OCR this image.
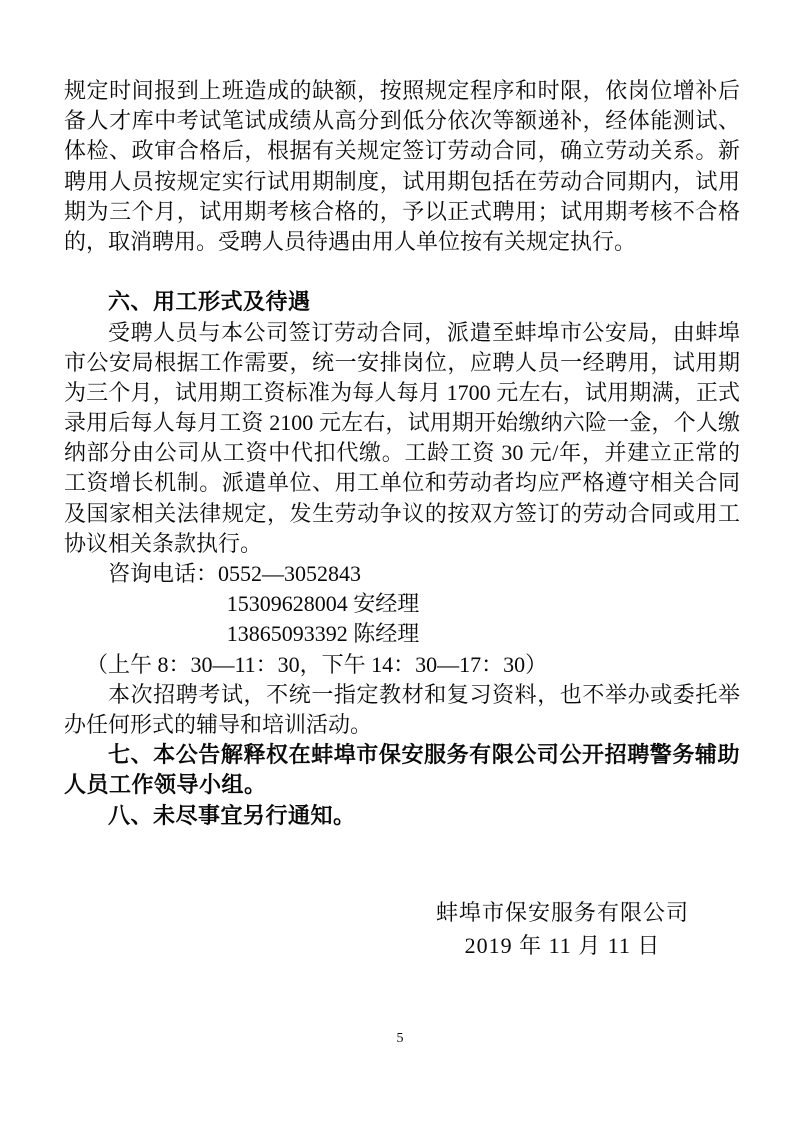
规定时间报到上班造成的缺额，按照规定程序和时限，依岗位增补后
备人才库中考试笔试成绩从高分到低分依次等额递补，经体能测试、
体检、政审合格后，根据有关规定签订劳动合同，确立劳动关系。新
聘用人员按规定实行试用期制度，试用期包括在劳动合同期内，试用
期为三个月，试用期考核合格的，予以正式聘用；试用期考核不合格
的，取消聘用。受聘人员待遇由用人单位按有关规定执行。
六、用工形式及待遇
受聘人员与本公司签订劳动合同，派遣至蚌埠市公安局，由蚌埠
市公安局根据工作需要，统一安排岗位，应聘人员一经聘用，试用期
为三个月，试用期工资标准为每人每月 1700 元左右，试用期满，正式
录用后每人每月工资 2100 元左右，试用期开始缴纳六险一金，个人缴
纳部分由公司从工资中代扣代缴。工龄工资 30 元/年，并建立正常的
工资增长机制。派遣单位、用工单位和劳动者均应严格遵守相关合同
及国家相关法律规定，发生劳动争议的按双方签订的劳动合同或用工
协议相关条款执行。
咨询电话：0552—3052843
15309628004 安经理
13865093392 陈经理
（上午 8：30—11：30，下午 14：30—17：30）
本次招聘考试，不统一指定教材和复习资料，也不举办或委托举
办任何形式的辅导和培训活动。
七、本公告解释权在蚌埠市保安服务有限公司公开招聘警务辅助
人员工作领导小组。
八、未尽事宜另行通知。
蚌埠市保安服务有限公司
2019 年 11 月 11 日
5
